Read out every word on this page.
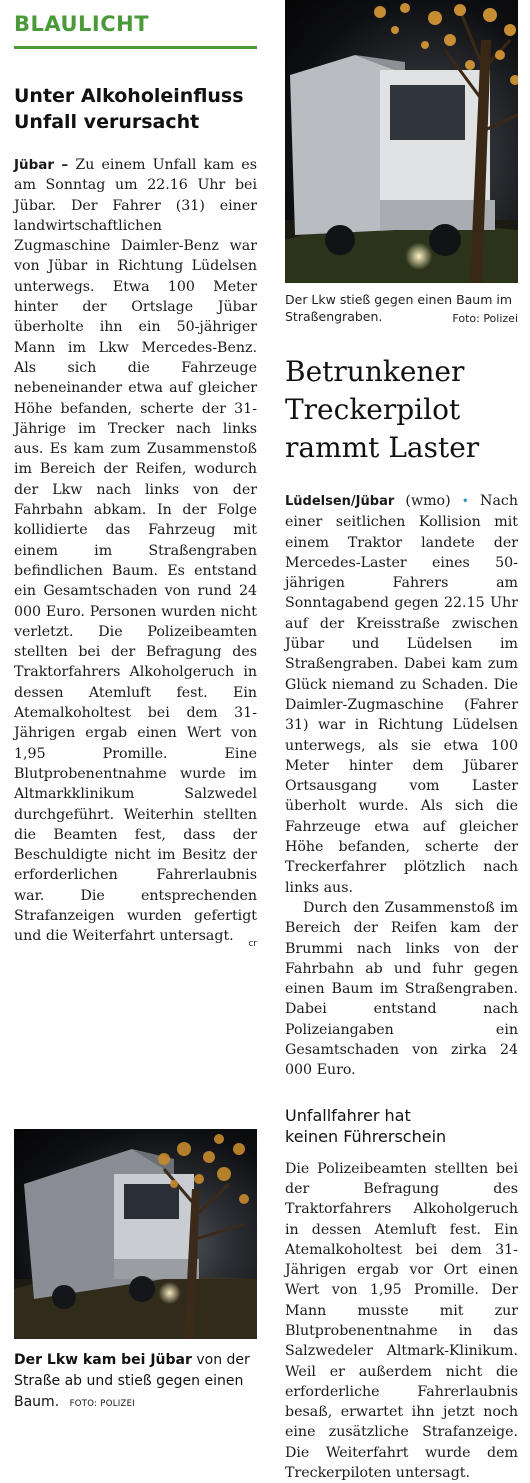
BLAULICHT
Unter Alkoholeinfluss
Unfall verursacht

Jübar – Zu einem Unfall kam es am Sonntag um 22.16 Uhr bei Jübar. Der Fahrer (31) einer landwirtschaftlichen Zugmaschine Daimler-Benz war von Jübar in Richtung Lüdelsen unterwegs. Etwa 100 Meter hinter der Ortslage Jübar überholte ihn ein 50-jähriger Mann im Lkw Mercedes-Benz. Als sich die Fahrzeuge nebeneinander etwa auf gleicher Höhe befanden, scherte der 31-Jährige im Trecker nach links aus. Es kam zum Zusammenstoß im Bereich der Reifen, wodurch der Lkw nach links von der Fahrbahn abkam. In der Folge kollidierte das Fahrzeug mit einem im Straßengraben befindlichen Baum. Es entstand ein Gesamtschaden von rund 24 000 Euro. Personen wurden nicht verletzt. Die Polizeibeamten stellten bei der Befragung des Traktorfahrers Alkoholgeruch in dessen Atemluft fest. Ein Atemalkoholtest bei dem 31-Jährigen ergab einen Wert von 1,95 Promille. Eine Blutprobenentnahme wurde im Altmarkklinikum Salzwedel durchgeführt. Weiterhin stellten die Beamten fest, dass der Beschuldigte nicht im Besitz der erforderlichen Fahrerlaubnis war. Die entsprechenden Strafanzeigen wurden gefertigt und die Weiterfahrt untersagt. cr

Der Lkw kam bei Jübar von der Straße ab und stieß gegen einen Baum. FOTO: POLIZEI
Der Lkw stieß gegen einen Baum im Straßengraben.	Foto: Polizei
Betrunkener
Treckerpilot
rammt Laster

Lüdelsen/Jübar (wmo) • Nach einer seitlichen Kollision mit einem Traktor landete der Mercedes-Laster eines 50-jährigen Fahrers am Sonntagabend gegen 22.15 Uhr auf der Kreisstraße zwischen Jübar und Lüdelsen im Straßengraben. Dabei kam zum Glück niemand zu Schaden. Die Daimler-Zugmaschine (Fahrer 31) war in Richtung Lüdelsen unterwegs, als sie etwa 100 Meter hinter dem Jübarer Ortsausgang vom Laster überholt wurde. Als sich die Fahrzeuge etwa auf gleicher Höhe befanden, scherte der Treckerfahrer plötzlich nach links aus.

Durch den Zusammenstoß im Bereich der Reifen kam der Brummi nach links von der Fahrbahn ab und fuhr gegen einen Baum im Straßengraben. Dabei entstand nach Polizeiangaben ein Gesamtschaden von zirka 24 000 Euro.

Unfallfahrer hat
keinen Führerschein

Die Polizeibeamten stellten bei der Befragung des Traktorfahrers Alkoholgeruch in dessen Atemluft fest. Ein Atemalkoholtest bei dem 31-Jährigen ergab vor Ort einen Wert von 1,95 Promille. Der Mann musste mit zur Blutprobenentnahme in das Salzwedeler Altmark-Klinikum. Weil er außerdem nicht die erforderliche Fahrerlaubnis besaß, erwartet ihn jetzt noch eine zusätzliche Strafanzeige. Die Weiterfahrt wurde dem Treckerpiloten untersagt.
